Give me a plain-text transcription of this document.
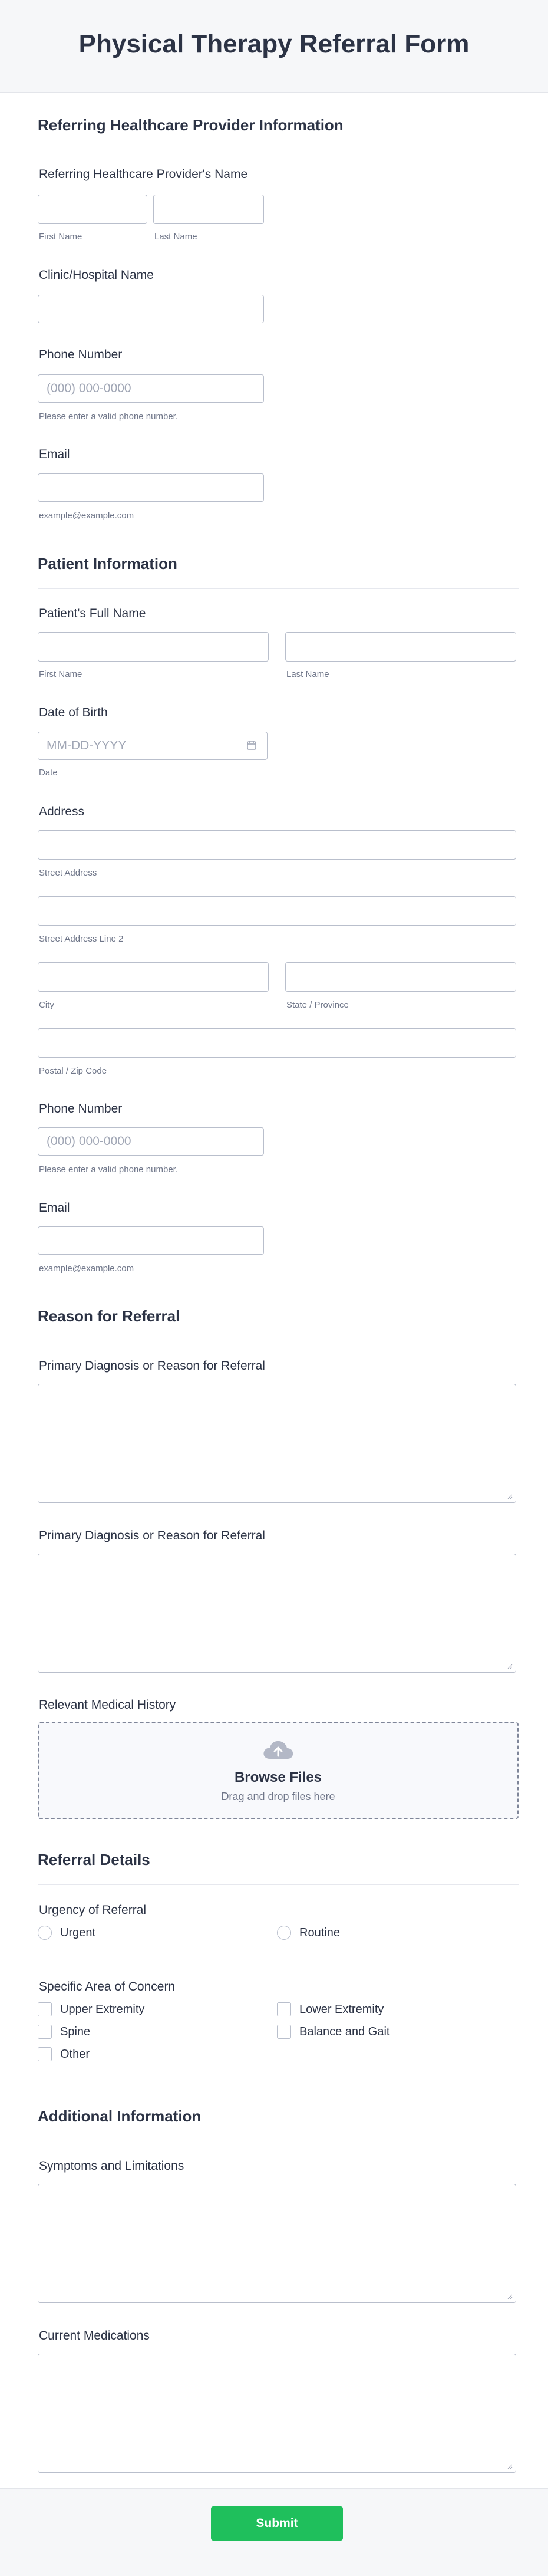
Physical Therapy Referral Form
Referring Healthcare Provider Information
Referring Healthcare Provider's Name
First Name	Last Name
Clinic/Hospital Name
Phone Number
(000) 000-0000
Please enter a valid phone number.
Email
example@example.com
Patient Information
Patient's Full Name
First Name	Last Name
Date of Birth
MM-DD-YYYY
Date
Address
Street Address
Street Address Line 2
City	State / Province
Postal / Zip Code
Phone Number
(000) 000-0000
Please enter a valid phone number.
Email
example@example.com
Reason for Referral
Primary Diagnosis or Reason for Referral
Primary Diagnosis or Reason for Referral
Relevant Medical History
Browse Files
Drag and drop files here
Referral Details
Urgency of Referral
Urgent	Routine
Specific Area of Concern
Upper Extremity	Lower Extremity
Spine	Balance and Gait
Other
Additional Information
Symptoms and Limitations
Current Medications
Submit
